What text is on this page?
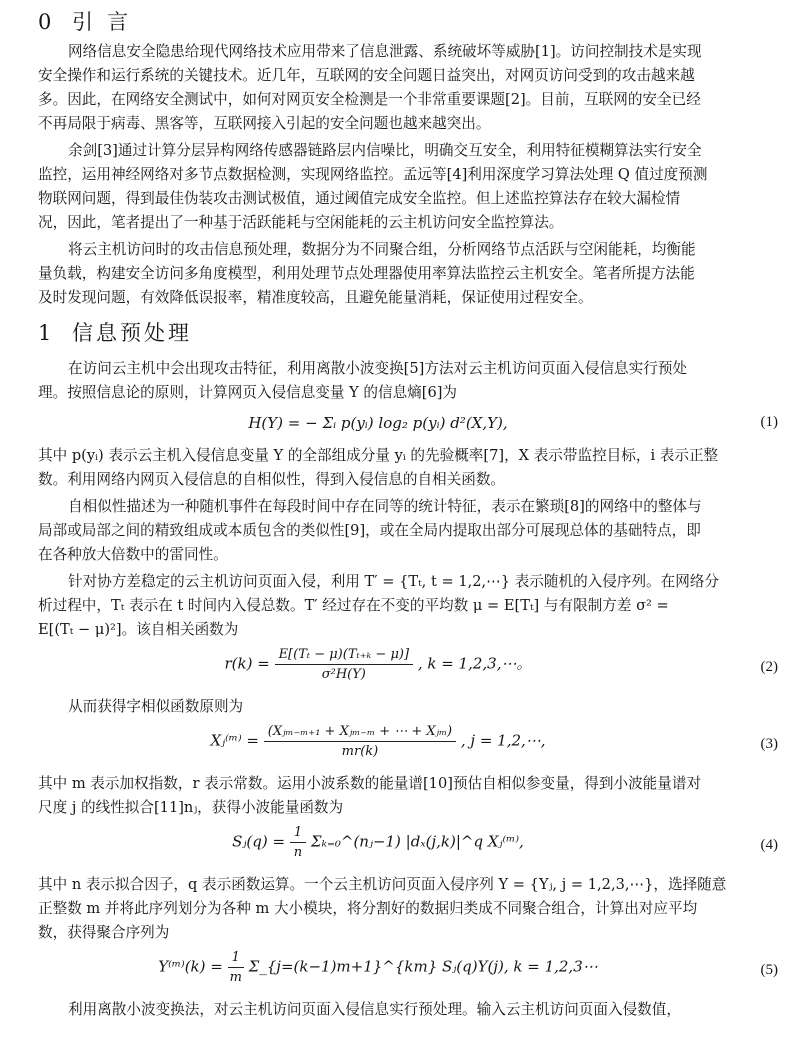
0 引言
网络信息安全隐患给现代网络技术应用带来了信息泄露、系统破坏等威胁[1]。访问控制技术是实现
安全操作和运行系统的关键技术。近几年，互联网的安全问题日益突出，对网页访问受到的攻击越来越
多。因此，在网络安全测试中，如何对网页安全检测是一个非常重要课题[2]。目前，互联网的安全已经
不再局限于病毒、黑客等，互联网接入引起的安全问题也越来越突出。
余剑[3]通过计算分层异构网络传感器链路层内信噪比，明确交互安全，利用特征模糊算法实行安全
监控，运用神经网络对多节点数据检测，实现网络监控。孟远等[4]利用深度学习算法处理 Q 值过度预测
物联网问题，得到最佳伪装攻击测试极值，通过阈值完成安全监控。但上述监控算法存在较大漏检情
况，因此，笔者提出了一种基于活跃能耗与空闲能耗的云主机访问安全监控算法。
将云主机访问时的攻击信息预处理，数据分为不同聚合组，分析网络节点活跃与空闲能耗，均衡能
量负载，构建安全访问多角度模型，利用处理节点处理器使用率算法监控云主机安全。笔者所提方法能
及时发现问题，有效降低误报率，精准度较高，且避免能量消耗，保证使用过程安全。
1 信息预处理
在访问云主机中会出现攻击特征，利用离散小波变换[5]方法对云主机访问页面入侵信息实行预处
理。按照信息论的原则，计算网页入侵信息变量 Y 的信息熵[6]为
H(Y) = − Σᵢ p(yᵢ) log₂ p(yᵢ) d²(X,Y),	(1)
其中 p(yᵢ) 表示云主机入侵信息变量 Y 的全部组成分量 yᵢ 的先验概率[7]，X 表示带监控目标，i 表示正整
数。利用网络内网页入侵信息的自相似性，得到入侵信息的自相关函数。
自相似性描述为一种随机事件在每段时间中存在同等的统计特征，表示在繁琐[8]的网络中的整体与
局部或局部之间的精致组成或本质包含的类似性[9]，或在全局内提取出部分可展现总体的基础特点，即
在各种放大倍数中的雷同性。
针对协方差稳定的云主机访问页面入侵，利用 T′ = {Tₜ, t = 1,2,⋯} 表示随机的入侵序列。在网络分
析过程中，Tₜ 表示在 t 时间内入侵总数。T′ 经过存在不变的平均数 μ = E[Tₜ] 与有限制方差 σ² =
E[(Tₜ − μ)²]。该自相关函数为
$r(k) = \frac{\text{E[(Tₜ − μ)(Tₜ₊ₖ − μ)]}}{\text{σ²H(Y)}}$ , k = 1,2,3,⋯。	(2)
从而获得字相似函数原则为
Xⱼ⁽ᵐ⁾ = $\frac{\text{(Xⱼₘ₋ₘ₊₁ + Xⱼₘ₋ₘ + ⋯ + Xⱼₘ)}}{mr(k)}$ , j = 1,2,⋯,	(3)
其中 m 表示加权指数，r 表示常数。运用小波系数的能量谱[10]预估自相似参变量，得到小波能量谱对
尺度 j 的线性拟合[11]nⱼ，获得小波能量函数为
Sⱼ(q) = $\frac{1}{n}$ Σₖ₌₀^(nⱼ−1) |dₓ(j,k)|^q Xⱼ⁽ᵐ⁾,	(4)
其中 n 表示拟合因子，q 表示函数运算。一个云主机访问页面入侵序列 Y = {Yⱼ, j = 1,2,3,⋯}，选择随意
正整数 m 并将此序列划分为各种 m 大小模块，将分割好的数据归类成不同聚合组合，计算出对应平均
数，获得聚合序列为
Y⁽ᵐ⁾(k) = $\frac{1}{m}$ Σ_{j=(k−1)m+1}^{km} Sⱼ(q)Y(j), k = 1,2,3⋯	(5)
利用离散小波变换法，对云主机访问页面入侵信息实行预处理。输入云主机访问页面入侵数值，
